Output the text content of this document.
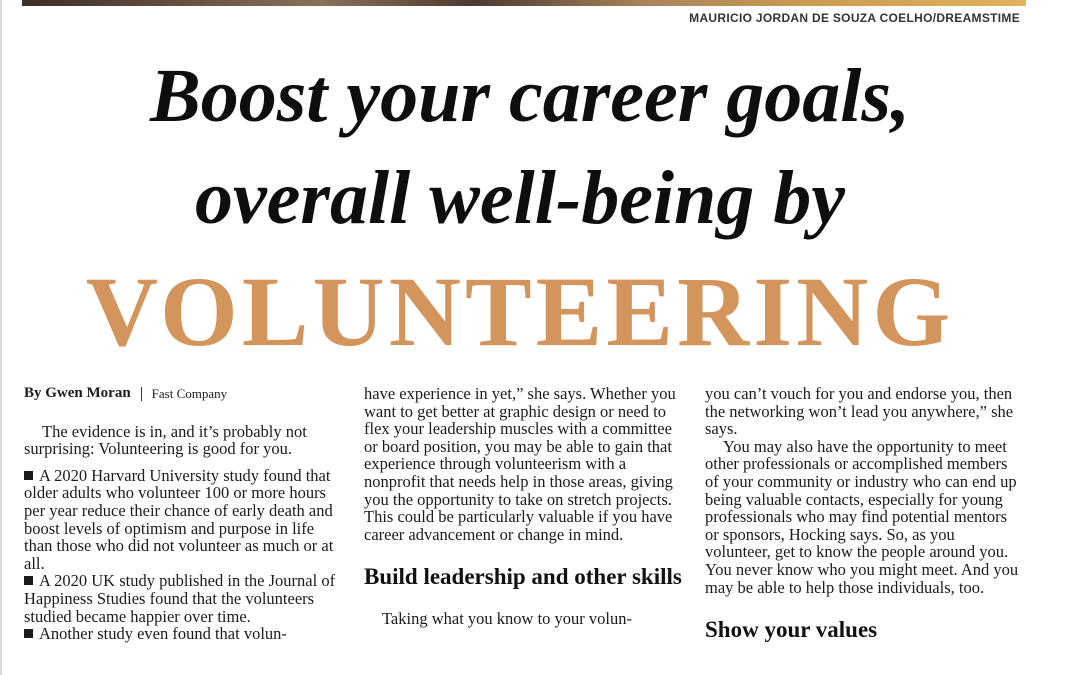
MAURICIO JORDAN DE SOUZA COELHO/DREAMSTIME
Boost your career goals,
overall well-being by
VOLUNTEERING

By Gwen Moran Fast Company

The evidence is in, and it’s probably not surprising: Volunteering is good for you.

A 2020 Harvard University study found that older adults who volunteer 100 or more hours per year reduce their chance of early death and boost levels of optimism and purpose in life than those who did not volunteer as much or at all.

A 2020 UK study published in the Journal of Happiness Studies found that the volunteers studied became happier over time.

Another study even found that volun-

have experience in yet,” she says. Whether you want to get better at graphic design or need to flex your leadership muscles with a committee or board position, you may be able to gain that experience through volunteerism with a nonprofit that needs help in those areas, giving you the opportunity to take on stretch projects. This could be particularly valuable if you have career advancement or change in mind.

Build leadership and other skills

Taking what you know to your volun-

you can’t vouch for you and endorse you, then the networking won’t lead you anywhere,” she says.

You may also have the opportunity to meet other professionals or accomplished members of your community or industry who can end up being valuable contacts, especially for young professionals who may find potential mentors or sponsors, Hocking says. So, as you volunteer, get to know the people around you. You never know who you might meet. And you may be able to help those individuals, too.

Show your values
